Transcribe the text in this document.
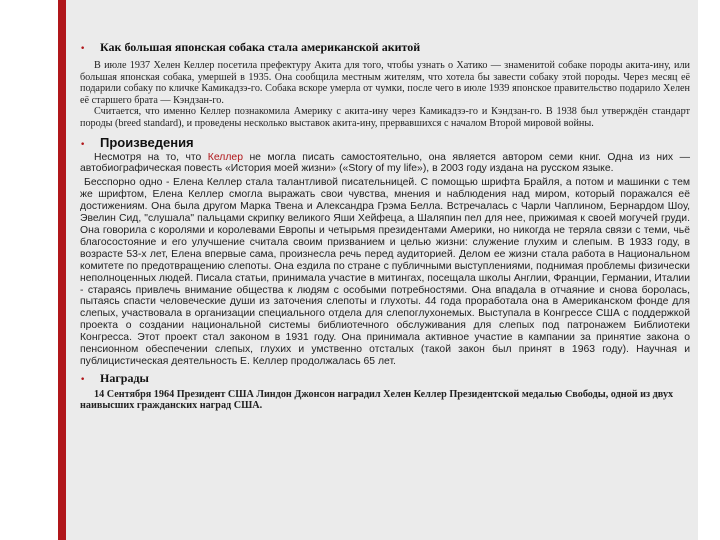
•	Как большая японская собака стала американской акитой

В июле 1937 Хелен Келлер посетила префектуру Акита для того, чтобы узнать о Хатико — знаменитой собаке породы акита-ину, или большая японская собака, умершей в 1935. Она сообщила местным жителям, что хотела бы завести собаку этой породы. Через месяц её подарили собаку по кличке Камикадзэ-го. Собака вскоре умерла от чумки, после чего в июле 1939 японское правительство подарило Хелен её старшего брата — Кэндзан-го.

Считается, что именно Келлер познакомила Америку с акита-ину через Камикадзэ-го и Кэндзан-го. В 1938 был утверждён стандарт породы (breed standard), и проведены несколько выставок акита-ину, прервавшихся с началом Второй мировой войны.

•	Произведения

Несмотря на то, что Келлер не могла писать самостоятельно, она является автором семи книг. Одна из них — автобиографическая повесть «История моей жизни» («Story of my life»), в 2003 году издана на русском языке.

Бесспорно одно - Елена Келлер стала талантливой писательницей. С помощью шрифта Брайля, а потом и машинки с тем же шрифтом, Елена Келлер смогла выражать свои чувства, мнения и наблюдения над миром, который поражался её достижениям. Она была другом Марка Твена и Александра Грэма Белла. Встречалась с Чарли Чаплином, Бернардом Шоу, Эвелин Сид, "слушала" пальцами скрипку великого Яши Хейфеца, а Шаляпин пел для нее, прижимая к своей могучей груди. Она говорила с королями и королевами Европы и четырьмя президентами Америки, но никогда не теряла связи с теми, чьё благосостояние и его улучшение считала своим призванием и целью жизни: служение глухим и слепым. В 1933 году, в возрасте 53-х лет, Елена впервые сама, произнесла речь перед аудиторией. Делом ее жизни стала работа в Национальном комитете по предотвращению слепоты. Она ездила по стране с публичными выступлениями, поднимая проблемы физически неполноценных людей. Писала статьи, принимала участие в митингах, посещала школы Англии, Франции, Германии, Италии - стараясь привлечь внимание общества к людям с особыми потребностями. Она впадала в отчаяние и снова боролась, пытаясь спасти человеческие души из заточения слепоты и глухоты. 44 года проработала она в Американском фонде для слепых, участвовала в организации специального отдела для слепоглухонемых. Выступала в Конгрессе США с поддержкой проекта о создании национальной системы библиотечного обслуживания для слепых под патронажем Библиотеки Конгресса. Этот проект стал законом в 1931 году. Она принимала активное участие в кампании за принятие закона о пенсионном обеспечении слепых, глухих и умственно отсталых (такой закон был принят в 1963 году). Научная и публицистическая деятельность Е. Келлер продолжалась 65 лет.

•	Награды

14 Сентября 1964 Президент США Линдон Джонсон наградил Хелен Келлер Президентской медалью Свободы, одной из двух наивысших гражданских наград США.
